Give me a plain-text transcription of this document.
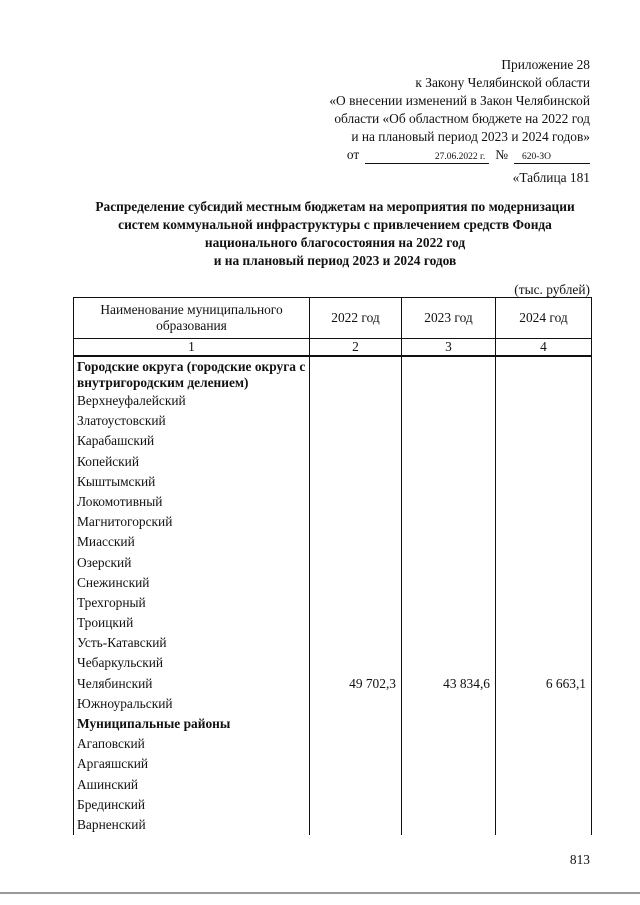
Приложение 28
к Закону Челябинской области
«О внесении изменений в Закон Челябинской
области «Об областном бюджете на 2022 год
и на плановый период 2023 и 2024 годов»
от	27.06.2022 г. №	620-ЗО
«Таблица 181
Распределение субсидий местным бюджетам на мероприятия по модернизации
систем коммунальной инфраструктуры с привлечением средств Фонда
национального благосостояния на 2022 год
и на плановый период 2023 и 2024 годов
(тыс. рублей)
Наименование муниципального образования	2022 год	2023 год	2024 год
1	2	3	4
Городские округа (городские округа с внутригородским делением)			
Верхнеуфалейский			
Златоустовский			
Карабашский			
Копейский			
Кыштымский			
Локомотивный			
Магнитогорский			
Миасский			
Озерский			
Снежинский			
Трехгорный			
Троицкий			
Усть-Катавский			
Чебаркульский			
Челябинский	49 702,3	43 834,6	6 663,1
Южноуральский			
Муниципальные районы			
Агаповский			
Аргаяшский			
Ашинский			
Брединский			
Варненский			
813
